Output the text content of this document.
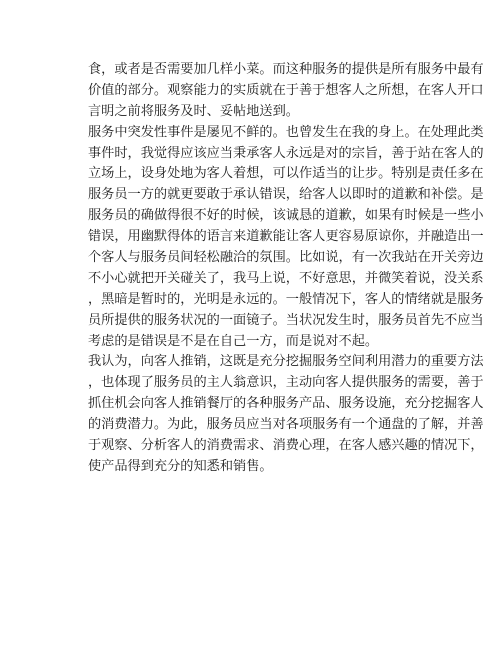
食，或者是否需要加几样小菜。而这种服务的提供是所有服务中最有
价值的部分。观察能力的实质就在于善于想客人之所想，在客人开口
言明之前将服务及时、妥帖地送到。

服务中突发性事件是屡见不鲜的。也曾发生在我的身上。在处理此类
事件时，我觉得应该应当秉承客人永远是对的宗旨，善于站在客人的
立场上，设身处地为客人着想，可以作适当的让步。特别是责任多在
服务员一方的就更要敢于承认错误，给客人以即时的道歉和补偿。是
服务员的确做得很不好的时候，该诚恳的道歉，如果有时候是一些小
错误，用幽默得体的语言来道歉能让客人更容易原谅你，并融造出一
个客人与服务员间轻松融洽的氛围。比如说，有一次我站在开关旁边
不小心就把开关碰关了，我马上说，不好意思，并微笑着说，没关系
，黑暗是暂时的，光明是永远的。一般情况下，客人的情绪就是服务
员所提供的服务状况的一面镜子。当状况发生时，服务员首先不应当
考虑的是错误是不是在自己一方，而是说对不起。

我认为，向客人推销，这既是充分挖掘服务空间利用潜力的重要方法
，也体现了服务员的主人翁意识，主动向客人提供服务的需要，善于
抓住机会向客人推销餐厅的各种服务产品、服务设施，充分挖掘客人
的消费潜力。为此，服务员应当对各项服务有一个通盘的了解，并善
于观察、分析客人的消费需求、消费心理，在客人感兴趣的情况下，
使产品得到充分的知悉和销售。
